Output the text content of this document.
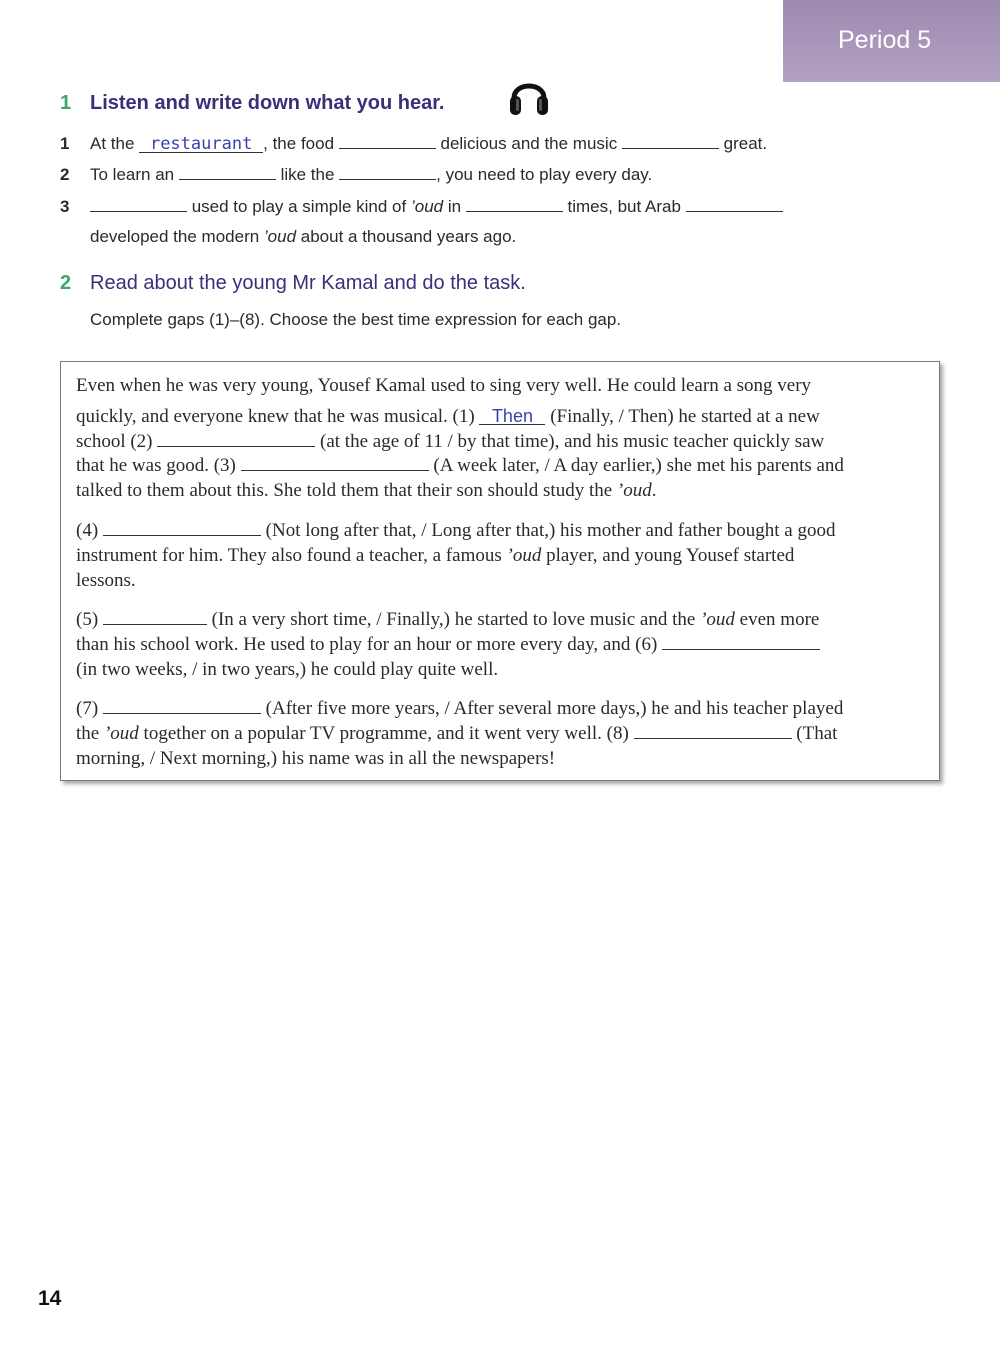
Period 5
1 Listen and write down what you hear.
1 At the restaurant , the food	delicious and the music	great.
2 To learn an	like the	, you need to play every day.
3	used to play a simple kind of ’oud in	times, but Arab
developed the modern ’oud about a thousand years ago.
2 Read about the young Mr Kamal and do the task.
Complete gaps (1)–(8). Choose the best time expression for each gap.
Even when he was very young, Yousef Kamal used to sing very well. He could learn a song very
quickly, and everyone knew that he was musical. (1) Then (Finally, / Then) he started at a new
school (2)	(at the age of 11 / by that time), and his music teacher quickly saw
that he was good. (3)	(A week later, / A day earlier,) she met his parents and
talked to them about this. She told them that their son should study the ’oud.
(4)	(Not long after that, / Long after that,) his mother and father bought a good
instrument for him. They also found a teacher, a famous ’oud player, and young Yousef started
lessons.
(5)	(In a very short time, / Finally,) he started to love music and the ’oud even more
than his school work. He used to play for an hour or more every day, and (6)
(in two weeks, / in two years,) he could play quite well.
(7)	(After five more years, / After several more days,) he and his teacher played
the ’oud together on a popular TV programme, and it went very well. (8)	(That
morning, / Next morning,) his name was in all the newspapers!
14
